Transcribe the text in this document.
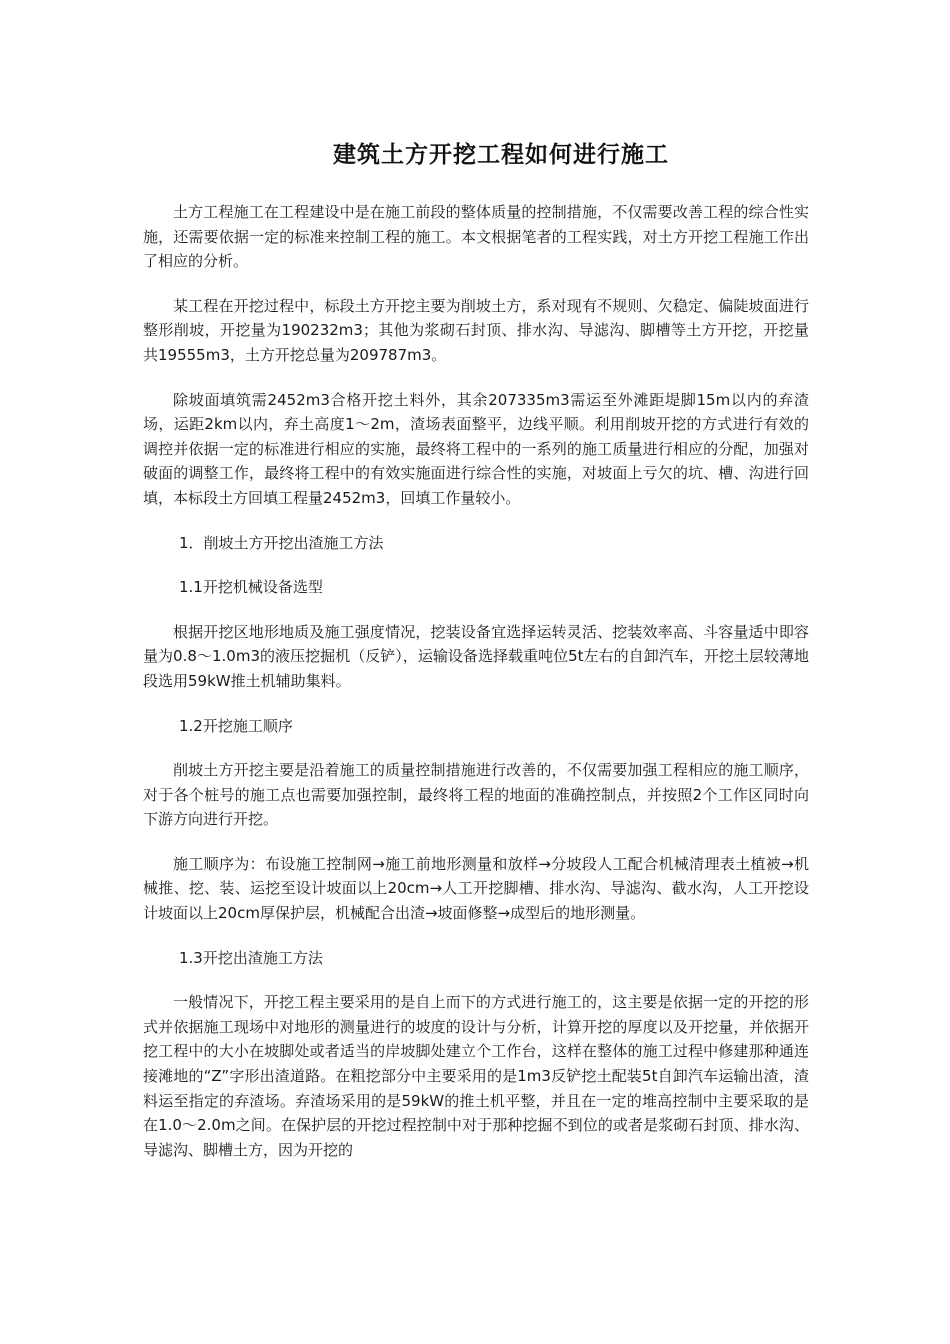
建筑土方开挖工程如何进行施工

土方工程施工在工程建设中是在施工前段的整体质量的控制措施，不仅需要改善工程的综合性实施，还需要依据一定的标准来控制工程的施工。本文根据笔者的工程实践，对土方开挖工程施工作出了相应的分析。

某工程在开挖过程中，标段土方开挖主要为削坡土方，系对现有不规则、欠稳定、偏陡坡面进行整形削坡，开挖量为190232m3；其他为浆砌石封顶、排水沟、导滤沟、脚槽等土方开挖，开挖量共19555m3，土方开挖总量为209787m3。

除坡面填筑需2452m3合格开挖土料外，其余207335m3需运至外滩距堤脚15m以内的弃渣场，运距2km以内，弃土高度1～2m，渣场表面整平，边线平顺。利用削坡开挖的方式进行有效的调控并依据一定的标准进行相应的实施，最终将工程中的一系列的施工质量进行相应的分配，加强对破面的调整工作，最终将工程中的有效实施面进行综合性的实施，对坡面上亏欠的坑、槽、沟进行回填，本标段土方回填工程量2452m3，回填工作量较小。

1．削坡土方开挖出渣施工方法

1.1开挖机械设备选型

根据开挖区地形地质及施工强度情况，挖装设备宜选择运转灵活、挖装效率高、斗容量适中即容量为0.8～1.0m3的液压挖掘机（反铲），运输设备选择载重吨位5t左右的自卸汽车，开挖土层较薄地段选用59kW推土机辅助集料。

1.2开挖施工顺序

削坡土方开挖主要是沿着施工的质量控制措施进行改善的，不仅需要加强工程相应的施工顺序，对于各个桩号的施工点也需要加强控制，最终将工程的地面的准确控制点，并按照2个工作区同时向下游方向进行开挖。

施工顺序为：布设施工控制网→施工前地形测量和放样→分坡段人工配合机械清理表土植被→机械推、挖、装、运挖至设计坡面以上20cm→人工开挖脚槽、排水沟、导滤沟、截水沟，人工开挖设计坡面以上20cm厚保护层，机械配合出渣→坡面修整→成型后的地形测量。

1.3开挖出渣施工方法

一般情况下，开挖工程主要采用的是自上而下的方式进行施工的，这主要是依据一定的开挖的形式并依据施工现场中对地形的测量进行的坡度的设计与分析，计算开挖的厚度以及开挖量，并依据开挖工程中的大小在坡脚处或者适当的岸坡脚处建立个工作台，这样在整体的施工过程中修建那种通连接滩地的“Z”字形出渣道路。在粗挖部分中主要采用的是1m3反铲挖土配装5t自卸汽车运输出渣，渣料运至指定的弃渣场。弃渣场采用的是59kW的推土机平整，并且在一定的堆高控制中主要采取的是在1.0～2.0m之间。在保护层的开挖过程控制中对于那种挖掘不到位的或者是浆砌石封顶、排水沟、导滤沟、脚槽土方，因为开挖的
